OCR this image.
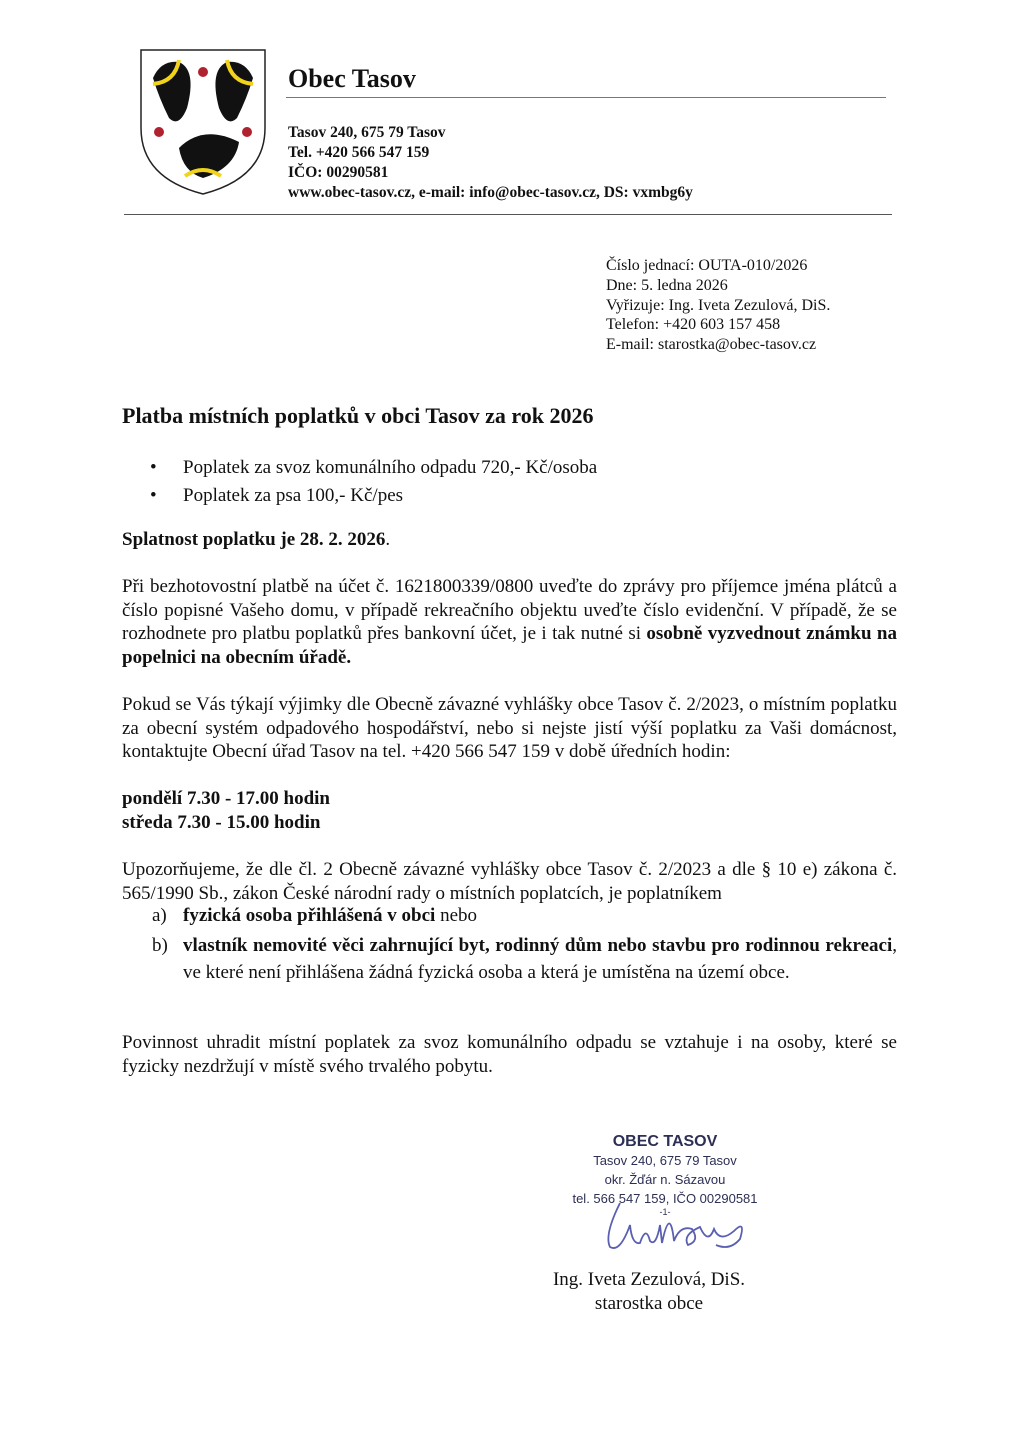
Obec Tasov
Tasov 240, 675 79 Tasov
Tel. +420 566 547 159
IČO: 00290581
www.obec-tasov.cz, e-mail: info@obec-tasov.cz, DS: vxmbg6y
Číslo jednací: OUTA-010/2026
Dne: 5. ledna 2026
Vyřizuje: Ing. Iveta Zezulová, DiS.
Telefon: +420 603 157 458
E-mail: starostka@obec-tasov.cz
Platba místních poplatků v obci Tasov za rok 2026
• Poplatek za svoz komunálního odpadu 720,- Kč/osoba
• Poplatek za psa 100,- Kč/pes
Splatnost poplatku je 28. 2. 2026.
Při bezhotovostní platbě na účet č. 1621800339/0800 uveďte do zprávy pro příjemce jména plátců a číslo popisné Vašeho domu, v případě rekreačního objektu uveďte číslo evidenční. V případě, že se rozhodnete pro platbu poplatků přes bankovní účet, je i tak nutné si osobně vyzvednout známku na popelnici na obecním úřadě.
Pokud se Vás týkají výjimky dle Obecně závazné vyhlášky obce Tasov č. 2/2023, o místním poplatku za obecní systém odpadového hospodářství, nebo si nejste jistí výší poplatku za Vaši domácnost, kontaktujte Obecní úřad Tasov na tel. +420 566 547 159 v době úředních hodin:
pondělí 7.30 - 17.00 hodin
středa 7.30 - 15.00 hodin
Upozorňujeme, že dle čl. 2 Obecně závazné vyhlášky obce Tasov č. 2/2023 a dle § 10 e) zákona č. 565/1990 Sb., zákon České národní rady o místních poplatcích, je poplatníkem
a) fyzická osoba přihlášená v obci nebo
b) vlastník nemovité věci zahrnující byt, rodinný dům nebo stavbu pro rodinnou rekreaci, ve které není přihlášena žádná fyzická osoba a která je umístěna na území obce.
Povinnost uhradit místní poplatek za svoz komunálního odpadu se vztahuje i na osoby, které se fyzicky nezdržují v místě svého trvalého pobytu.
OBEC TASOV
Tasov 240, 675 79 Tasov
okr. Žďár n. Sázavou
tel. 566 547 159, IČO 00290581
-1-
Ing. Iveta Zezulová, DiS.
starostka obce
